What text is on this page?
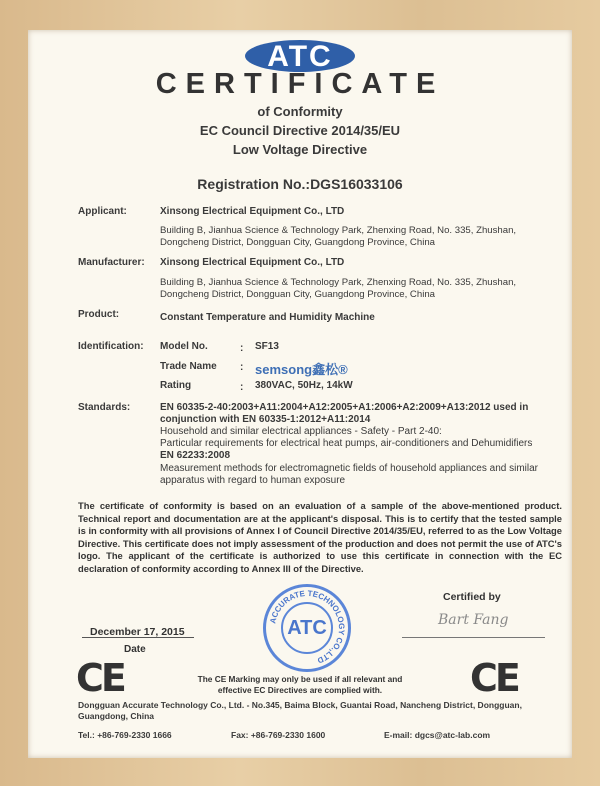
ATC
CERTIFICATE
of Conformity
EC Council Directive 2014/35/EU
Low Voltage Directive
Registration No.:DGS16033106
Applicant:	Xinsong Electrical Equipment Co., LTD
Building B, Jianhua Science & Technology Park, Zhenxing Road, No. 335, Zhushan,
Dongcheng District, Dongguan City, Guangdong Province, China
Manufacturer: Xinsong Electrical Equipment Co., LTD
Building B, Jianhua Science & Technology Park, Zhenxing Road, No. 335, Zhushan,
Dongcheng District, Dongguan City, Guangdong Province, China
Product:	Constant Temperature and Humidity Machine
Identification: Model No.	: SF13
Trade Name : semsong鑫松®
Rating	: 380VAC, 50Hz, 14kW
Standards:	EN 60335-2-40:2003+A11:2004+A12:2005+A1:2006+A2:2009+A13:2012 used in
conjunction with EN 60335-1:2012+A11:2014
Household and similar electrical appliances - Safety - Part 2-40:
Particular requirements for electrical heat pumps, air-conditioners and Dehumidifiers
EN 62233:2008
Measurement methods for electromagnetic fields of household appliances and similar
apparatus with regard to human exposure
The certificate of conformity is based on an evaluation of a sample of the above-mentioned product. Technical report and documentation are at the applicant's disposal. This is to certify that the tested sample is in conformity with all provisions of Annex I of Council Directive 2014/35/EU, referred to as the Low Voltage Directive. This certificate does not imply assessment of the production and does not permit the use of ATC's logo. The applicant of the certificate is authorized to use this certificate in connection with the EC declaration of conformity according to Annex III of the Directive.
ACCURATE TECHNOLOGY CO.,LTD
ATC
December 17, 2015
Date
Certified by
Bart Fang
CE	CE
The CE Marking may only be used if all relevant and
effective EC Directives are complied with.
Dongguan Accurate Technology Co., Ltd. - No.345, Baima Block, Guantai Road, Nancheng District, Dongguan,
Guangdong, China
Tel.: +86-769-2330 1666	Fax: +86-769-2330 1600	E-mail: dgcs@atc-lab.com
